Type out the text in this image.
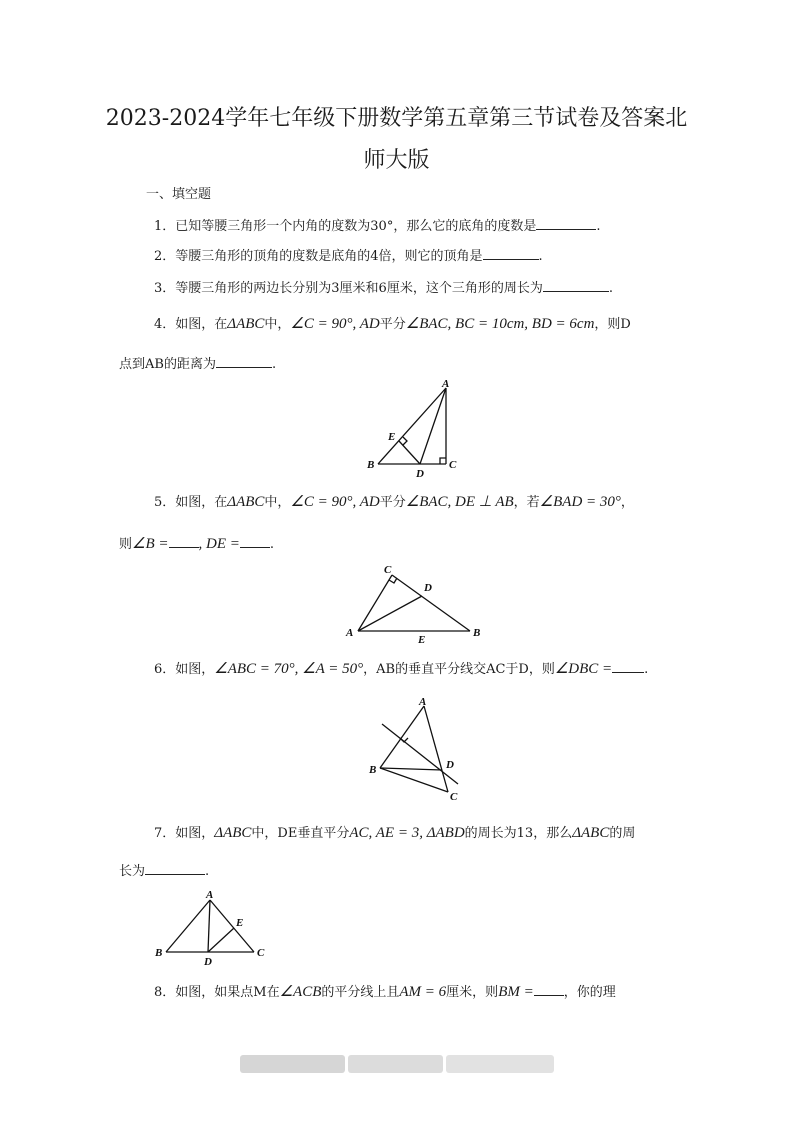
2023-2024学年七年级下册数学第五章第三节试卷及答案北
师大版
一、填空题
1．已知等腰三角形一个内角的度数为30°，那么它的底角的度数是	.
2．等腰三角形的顶角的度数是底角的4倍，则它的顶角是	.
3．等腰三角形的两边长分别为3厘米和6厘米，这个三角形的周长为	.
4．如图，在ΔABC中，∠C = 90°, AD平分∠BAC, BC = 10cm, BD = 6cm，则D
点到AB的距离为	.
A
B	C
D
E
5．如图，在ΔABC中，∠C = 90°, AD平分∠BAC, DE ⊥ AB，若∠BAD = 30°，
则∠B = , DE = .
C
D
A	B
E
6．如图，∠ABC = 70°, ∠A = 50°，AB的垂直平分线交AC于D，则∠DBC = .
A
B	D
C
7．如图，ΔABC中，DE垂直平分AC, AE = 3, ΔABD的周长为13，那么ΔABC的周
长为	.
A
B	C
D
E
8．如图，如果点M在∠ACB的平分线上且AM = 6厘米，则BM = ，你的理
